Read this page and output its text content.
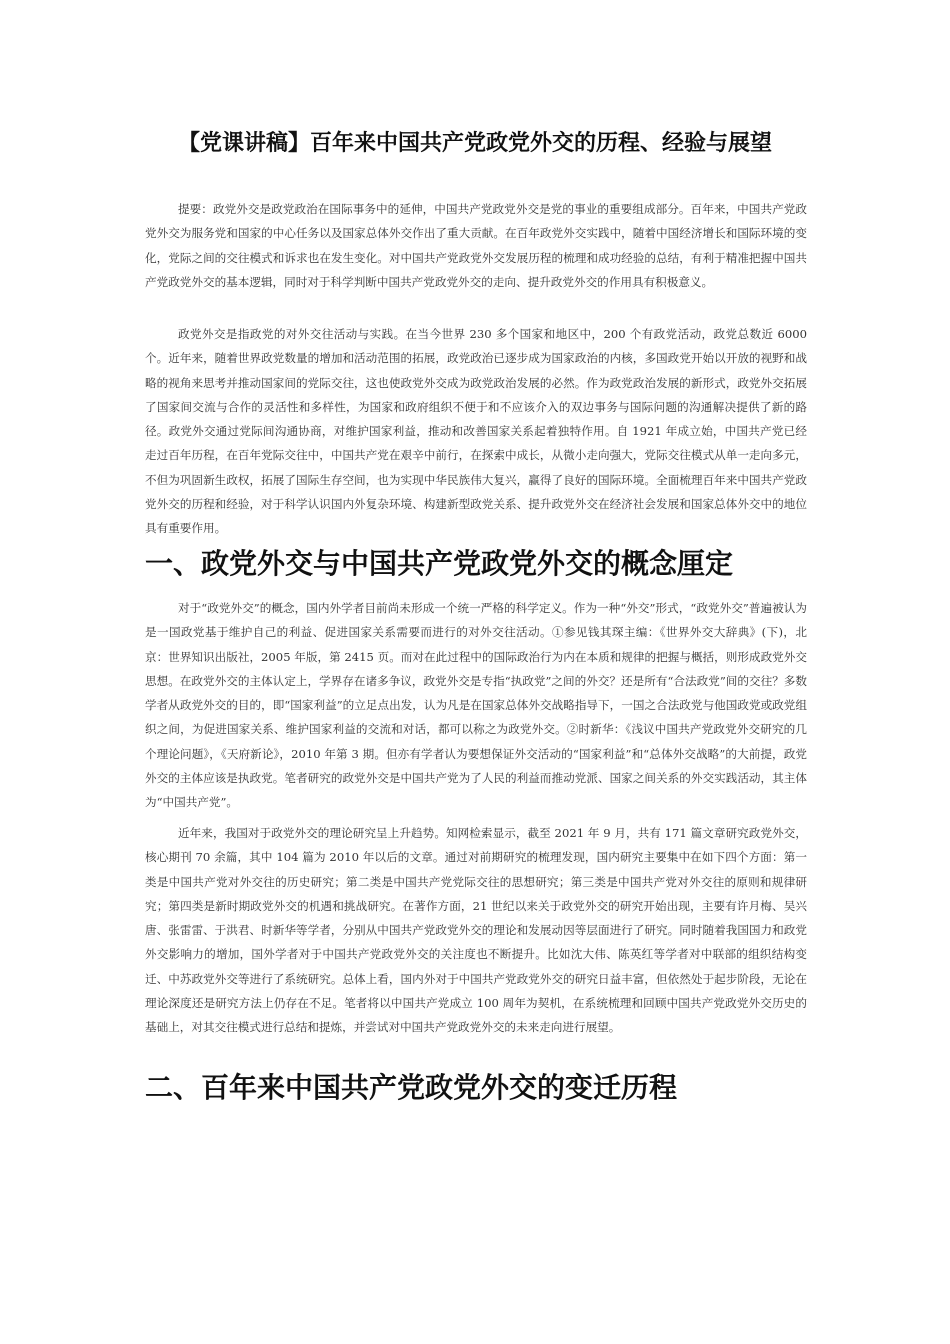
【党课讲稿】百年来中国共产党政党外交的历程、经验与展望

提要：政党外交是政党政治在国际事务中的延伸，中国共产党政党外交是党的事业的重要组成部分。百年来，中国共产党政党外交为服务党和国家的中心任务以及国家总体外交作出了重大贡献。在百年政党外交实践中，随着中国经济增长和国际环境的变化，党际之间的交往模式和诉求也在发生变化。对中国共产党政党外交发展历程的梳理和成功经验的总结，有利于精准把握中国共产党政党外交的基本逻辑，同时对于科学判断中国共产党政党外交的走向、提升政党外交的作用具有积极意义。

政党外交是指政党的对外交往活动与实践。在当今世界 230 多个国家和地区中，200 个有政党活动，政党总数近 6000 个。近年来，随着世界政党数量的增加和活动范围的拓展，政党政治已逐步成为国家政治的内核，多国政党开始以开放的视野和战略的视角来思考并推动国家间的党际交往，这也使政党外交成为政党政治发展的必然。作为政党政治发展的新形式，政党外交拓展了国家间交流与合作的灵活性和多样性，为国家和政府组织不便于和不应该介入的双边事务与国际问题的沟通解决提供了新的路径。政党外交通过党际间沟通协商，对维护国家利益，推动和改善国家关系起着独特作用。自 1921 年成立始，中国共产党已经走过百年历程，在百年党际交往中，中国共产党在艰辛中前行，在探索中成长，从微小走向强大，党际交往模式从单一走向多元，不但为巩固新生政权，拓展了国际生存空间，也为实现中华民族伟大复兴，赢得了良好的国际环境。全面梳理百年来中国共产党政党外交的历程和经验，对于科学认识国内外复杂环境、构建新型政党关系、提升政党外交在经济社会发展和国家总体外交中的地位具有重要作用。

一、政党外交与中国共产党政党外交的概念厘定

对于“政党外交”的概念，国内外学者目前尚未形成一个统一严格的科学定义。作为一种“外交”形式，“政党外交”普遍被认为是一国政党基于维护自己的利益、促进国家关系需要而进行的对外交往活动。①参见钱其琛主编：《世界外交大辞典》(下)，北京：世界知识出版社，2005 年版，第 2415 页。而对在此过程中的国际政治行为内在本质和规律的把握与概括，则形成政党外交思想。在政党外交的主体认定上，学界存在诸多争议，政党外交是专指“执政党”之间的外交？还是所有“合法政党”间的交往？多数学者从政党外交的目的，即“国家利益”的立足点出发，认为凡是在国家总体外交战略指导下，一国之合法政党与他国政党或政党组织之间，为促进国家关系、维护国家利益的交流和对话，都可以称之为政党外交。②时新华：《浅议中国共产党政党外交研究的几个理论问题》，《天府新论》，2010 年第 3 期。但亦有学者认为要想保证外交活动的“国家利益”和“总体外交战略”的大前提，政党外交的主体应该是执政党。笔者研究的政党外交是中国共产党为了人民的利益而推动党派、国家之间关系的外交实践活动，其主体为“中国共产党”。

近年来，我国对于政党外交的理论研究呈上升趋势。知网检索显示，截至 2021 年 9 月，共有 171 篇文章研究政党外交，核心期刊 70 余篇，其中 104 篇为 2010 年以后的文章。通过对前期研究的梳理发现，国内研究主要集中在如下四个方面：第一类是中国共产党对外交往的历史研究；第二类是中国共产党党际交往的思想研究；第三类是中国共产党对外交往的原则和规律研究；第四类是新时期政党外交的机遇和挑战研究。在著作方面，21 世纪以来关于政党外交的研究开始出现，主要有许月梅、吴兴唐、张雷雷、于洪君、时新华等学者，分别从中国共产党政党外交的理论和发展动因等层面进行了研究。同时随着我国国力和政党外交影响力的增加，国外学者对于中国共产党政党外交的关注度也不断提升。比如沈大伟、陈英红等学者对中联部的组织结构变迁、中苏政党外交等进行了系统研究。总体上看，国内外对于中国共产党政党外交的研究日益丰富，但依然处于起步阶段，无论在理论深度还是研究方法上仍存在不足。笔者将以中国共产党成立 100 周年为契机，在系统梳理和回顾中国共产党政党外交历史的基础上，对其交往模式进行总结和提炼，并尝试对中国共产党政党外交的未来走向进行展望。

二、百年来中国共产党政党外交的变迁历程
